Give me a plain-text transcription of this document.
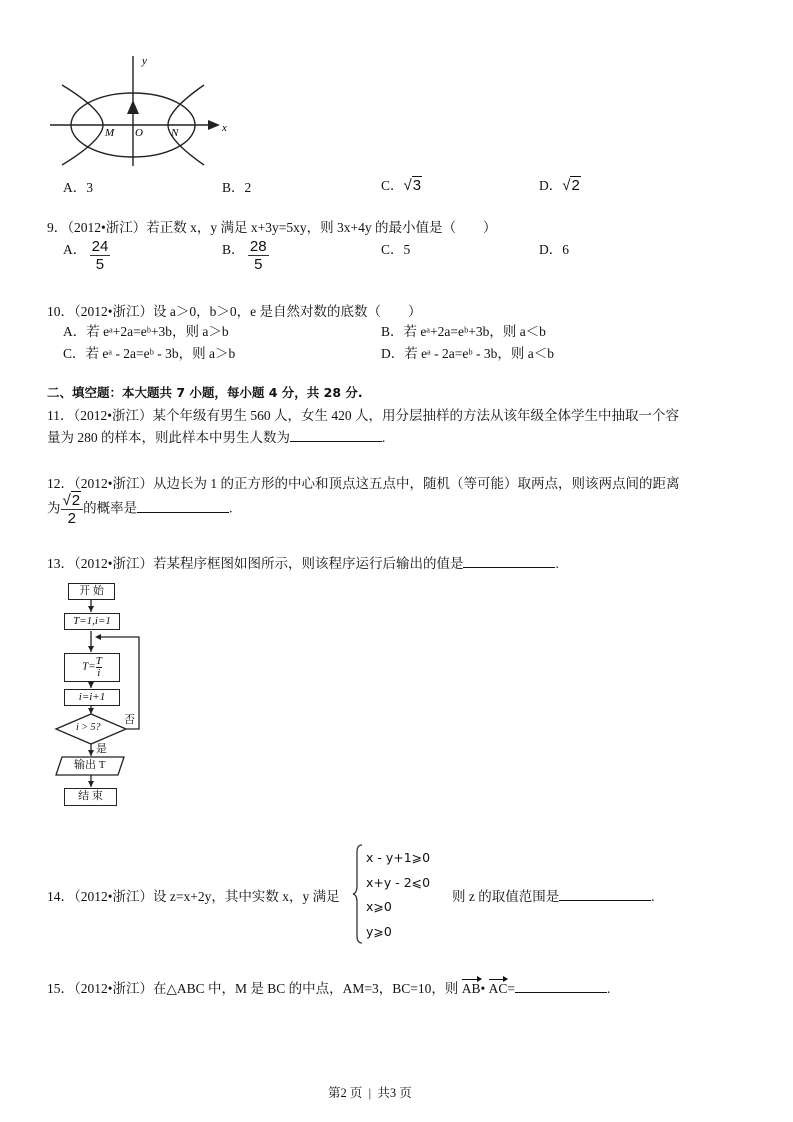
y
x
O
M	N
A．3	B．2	C．√3	D．√2
9．（2012•浙江）若正数 x，y 满足 x+3y=5xy，则 3x+4y 的最小值是（　　）
A． $\frac{24}{5}$	B． $\frac{28}{5}$	C．5	D．6
10．（2012•浙江）设 a＞0，b＞0，e 是自然对数的底数（　　）
A．若 eᵃ+2a=eᵇ+3b，则 a＞b	B．若 eᵃ+2a=eᵇ+3b，则 a＜b
C．若 eᵃ - 2a=eᵇ - 3b，则 a＞b	D．若 eᵃ - 2a=eᵇ - 3b，则 a＜b
二、填空题：本大题共 7 小题，每小题 4 分，共 28 分.
11．（2012•浙江）某个年级有男生 560 人，女生 420 人，用分层抽样的方法从该年级全体学生中抽取一个容
量为 280 的样本，则此样本中男生人数为	.
12．（2012•浙江）从边长为 1 的正方形的中心和顶点这五点中，随机（等可能）取两点，则该两点间的距离
为 $\frac{√2}{2}$ 的概率是	.
13．（2012•浙江）若某程序框图如图所示，则该程序运行后输出的值是	.
开 始
T=1,i=1
$T= \frac{T}{i}$
i=i+1
i > 5?
否
是
输出 T
结 束
14．（2012•浙江）设 z=x+2y，其中实数 x，y 满足
x - y+1⩾0
x+y - 2⩽0
x⩾0
y⩾0
则 z 的取值范围是	.
15．（2012•浙江）在△ABC 中，M 是 BC 的中点，AM=3，BC=10，则 AB• AC=	.
第2 页  |  共3 页
